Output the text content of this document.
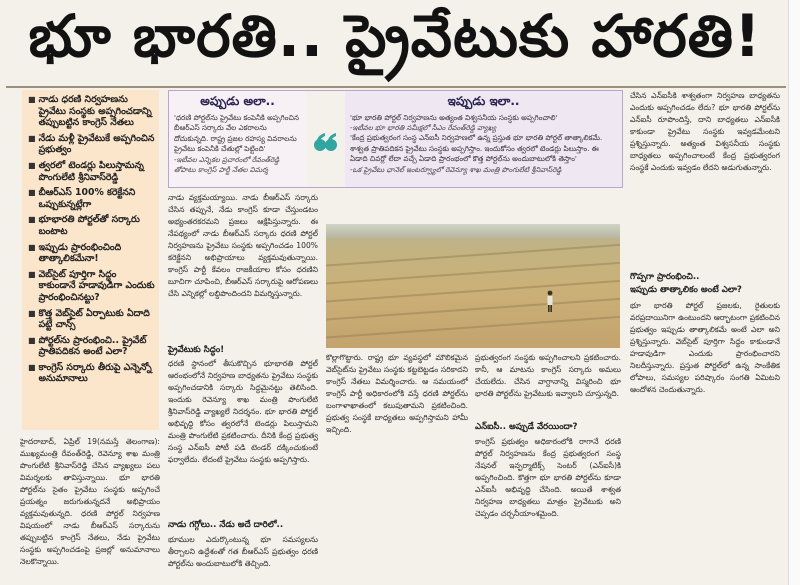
భూ భారతి.. ప్రైవేటుకు హారతి!
■ నాడు ధరణి నిర్వహణను ప్రైవేటు సంస్థకు అప్పగించడాన్ని తప్పుబట్టిన కాంగ్రెస్‌ నేతలు
■ నేడు మళ్లీ ప్రైవేటుకే అప్పగించిన ప్రభుత్వం
■ త్వరలో టెండర్లు పిలుస్తామన్న పొంగులేటి శ్రీనివాస్‌రెడ్డి
■ బీఆర్‌ఎస్‌ 100% కరెక్టేనని ఒప్పుకున్నట్లేగా
■ భూభారతి పోర్టల్‌తో సర్కారు బంటాట
■ ఇప్పుడు ప్రారంభించింది తాత్కాలికమేనా!
■ వెబ్‌సైట్‌ పూర్తిగా సిద్ధం కాకుండానే హడావుడిగా ఎందుకు ప్రారంభించినట్టు?
■ కొత్త వెబ్‌సైట్‌ ఏర్పాటుకు ఏదాది పట్టే చాన్స్‌
■ పోర్టల్‌ను ప్రారంభించి.. ప్రైవేట్‌ ప్రాతిపదికన అంటే ఎలా?
■ కాంగ్రెస్‌ సర్కారు తీరుపై ఎన్నెన్నో అనుమానాలు
హైదరాబాద్‌, ఏప్రిల్‌ 19(నమస్తే తెలంగాణ): ముఖ్యమంత్రి రేవంత్‌రెడ్డి, రెవెన్యూ శాఖ మంత్రి పొంగులేటి శ్రీనివాస్‌రెడ్డి చేసిన వ్యాఖ్యలు పలు విమర్శలకు తావిస్తున్నాయి. భూ భారతి పోర్టల్‌ను సైతం ప్రైవేటు సంస్థకు అప్పగించే ప్రయత్నం జరుగుతున్నదనే అభిప్రాయం వ్యక్తమవుతున్నది. ధరణి పోర్టల్‌ నిర్వహణ విషయంలో నాడు బీఆర్‌ఎస్‌ సర్కారును తప్పుబట్టిన కాంగ్రెస్‌ నేతలు, నేడు ప్రైవేటు సంస్థకు అప్పగించడంపై ప్రజల్లో అనుమానాలు నెలకొన్నాయి.
అప్పుడు అలా..
'ధరణి పోర్టల్‌ను ప్రైవేటు కంపెనీకి అప్పగించిన బీఆర్‌ఎస్‌ సర్కారు వేల ఎకరాలను దోచుకున్నది. రాష్ట్ర ప్రజల రహస్య వివరాలను ప్రైవేటు కంపెనీకి చేతుల్లో పెట్టింది'
-ఇటీవల ఎన్నికల ప్రచారంలో రేవంత్‌రెడ్డి తోపాటు కాంగ్రెస్‌ పార్టీ నేతల విమర్శ
ఇప్పుడు ఇలా..
'భూ భారతి పోర్టల్‌ నిర్వహణను అత్యంత విశ్వసనీయ సంస్థకు అప్పగించాలి'
-ఇటీవల భూ భారతి సమీక్షలో సీఎం రేవంత్‌రెడ్డి వ్యాఖ్య
'కేంద్ర ప్రభుత్వరంగ సంస్థ ఎన్‌ఐసీ నిర్వహణలో ఉన్న ప్రస్తుత భూ భారతి పోర్టల్‌ తాత్కాలికమే. శాశ్వత ప్రాతిపదికన ప్రైవేటు సంస్థకు అప్పగిస్తాం. ఇందుకోసం త్వరలో టెండర్లు పిలుస్తాం. ఈ ఏడాది చివర్లో లేదా వచ్చే ఏడాది ప్రారంభంలో కొత్త పోర్టల్‌ను అందుబాటులోకి తెస్తాం'
-ఒక ప్రైవేటు ఛానెల్‌ ఇంటర్వ్యూలో రెవెన్యూ శాఖ మంత్రి పొంగులేటి శ్రీనివాస్‌రెడ్డి
నాడు వ్యక్తమయ్యాయి. నాడు బీఆర్‌ఎస్‌ సర్కారు చేసిన తప్పునే, నేడు కాంగ్రెస్‌ కూడా చేస్తుండటం అభ్యంతరకరమని ప్రజలు ఆక్షేపిస్తున్నారు. ఈ నేపథ్యంలో నాడు బీఆర్‌ఎస్‌ సర్కారు ధరణి పోర్టల్‌ నిర్వహణను ప్రైవేటు సంస్థకు అప్పగించడం 100% కరెక్టేనని అభిప్రాయాలు వ్యక్తమవుతున్నాయి. కాంగ్రెస్‌ పార్టీ కేవలం రాజకీయాల కోసం ధరణిని బూచిగా చూపించి, బీఆర్‌ఎస్‌ సర్కారుపై ఆరోపణలు చేసి ఎన్నికల్లో లబ్దిపొందిందని విమర్శిస్తున్నారు.
ప్రైవేటుకు సిద్ధం!
ధరణి స్థానంలో తీసుకొచ్చిన భూభారతి పోర్టల్‌ ఆరంభంలోనే నిర్వహణ బాధ్యతను ప్రైవేటు సంస్థకు అప్పగించడానికి సర్కారు సిద్ధమైనట్టు తెలిసింది. ఇందుకు రెవెన్యూ శాఖ మంత్రి పొంగులేటి శ్రీనివాస్‌రెడ్డి వ్యాఖ్యలే నిదర్శనం. భూ భారతి పోర్టల్‌ అభివృద్ధి కోసం త్వరలోనే టెండర్లు పిలుస్తామని మంత్రి పొంగులేటి ప్రకటించారు. దీనికి కేంద్ర ప్రభుత్వ సంస్థ ఎన్‌ఐసీ పోటీ పడి టెండర్‌ దక్కించుకుంటే ఫర్వాలేదు. లేదంటే ప్రైవేటు సంస్థకు అప్పగిస్తారు.
నాడు గగ్గోలు.. నేడు అదే దారిలో..
భూముల ఎదుర్కొంటున్న భూ సమస్యలను తీర్చాలని ఉద్దేశంతో గత బీఆర్‌ఎస్‌ ప్రభుత్వం ధరణి పోర్టల్‌ను అందుబాటులోకి తెచ్చింది.
కొల్లాగొట్టారు. రాష్ట్ర భూ వ్యవస్థలో మౌలికమైన వెబ్‌సైట్‌ను ప్రైవేటు సంస్థకు కట్టబెట్టడం సరికాదని కాంగ్రెస్‌ నేతలు విమర్శించారు. ఆ సమయంలో కాంగ్రెస్‌ పార్టీ అధికారంలోకి వస్తే ధరణి పోర్టల్‌ను బంగాళాఖాతంలో కలుపుతామని ప్రకటించింది. ప్రభుత్వ సంస్థకే బాధ్యతలు అప్పగిస్తామని హామీ ఇచ్చింది.
ప్రభుత్వరంగ సంస్థకు అప్పగించాలని ప్రకటించారు. కానీ, ఆ మాటను కాంగ్రెస్‌ సర్కారు అమలు చేయలేదు. చేసిన వాగ్దానాన్ని విస్మరించి భూ భారతి పోర్టల్‌ను ప్రైవేటుకు ఇవ్వాలని చూస్తున్నది.
ఎన్‌ఐసీ.. అప్పుడే వేరయిందా?
కాంగ్రెస్‌ ప్రభుత్వం అధికారంలోకి రాగానే ధరణి పోర్టల్‌ నిర్వహణను కేంద్ర ప్రభుత్వరంగ సంస్థ నేషనల్‌ ఇన్ఫర్మాటిక్స్‌ సెంటర్‌ (ఎన్‌ఐసీ)కి అప్పగించింది. కొత్తగా భూ భారతి పోర్టల్‌ను కూడా ఎన్‌ఐసీ అభివృద్ధి చేసింది. అయితే శాశ్వత నిర్వహణ బాధ్యతలు మాత్రం ప్రైవేటుకు అని చెప్పడం చర్చనీయాంశమైంది.
చేసిన ఎన్‌ఐసీకి శాశ్వతంగా నిర్వహణ బాధ్యతను ఎందుకు అప్పగించడం లేదు? భూ భారతి పోర్టల్‌ను ఎన్‌ఐసీ రూపొందిస్తే, దాని బాధ్యతలు ఎన్‌ఐసీకి కాకుండా ప్రైవేటు సంస్థకు ఇవ్వడమేంటని ప్రశ్నిస్తున్నారు. అత్యంత విశ్వసనీయ సంస్థకు బాధ్యతలు అప్పగించాలంటే కేంద్ర ప్రభుత్వరంగ సంస్థకే ఎందుకు ఇవ్వడం లేదని అడుగుతున్నారు.
గొప్పగా ప్రారంభించి..
ఇప్పుడు తాత్కాలికం అంటే ఎలా?
భూ భారతి పోర్టల్‌ ప్రజలకు, రైతులకు వరప్రదాయినిగా ఉంటుందని ఆర్భాటంగా ప్రకటించిన ప్రభుత్వం ఇప్పుడు తాత్కాలికమే అంటే ఎలా అని ప్రశ్నిస్తున్నారు. వెబ్‌సైట్‌ పూర్తిగా సిద్ధం కాకుండానే హడావుడిగా ఎందుకు ప్రారంభించారని నిలదీస్తున్నారు. ప్రస్తుత పోర్టల్‌లో ఉన్న సాంకేతిక లోపాలు, సమస్యల పరిష్కారం సంగతి ఏమిటని ఆందోళన చెందుతున్నారు.
